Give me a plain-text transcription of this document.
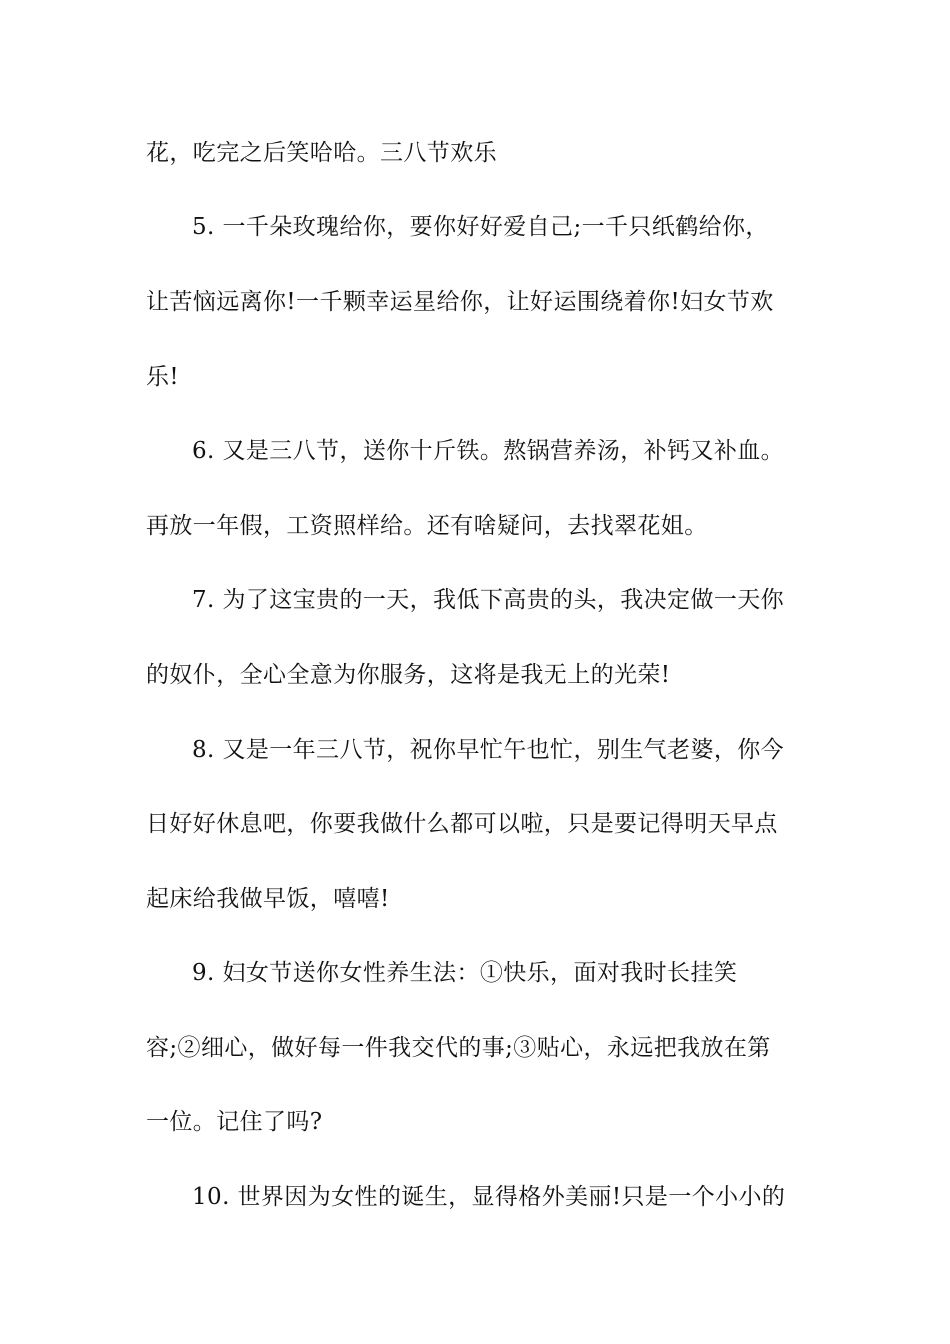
花，吃完之后笑哈哈。三八节欢乐
5. 一千朵玫瑰给你，要你好好爱自己;一千只纸鹤给你，
让苦恼远离你!一千颗幸运星给你，让好运围绕着你!妇女节欢
乐!
6. 又是三八节，送你十斤铁。熬锅营养汤，补钙又补血。
再放一年假，工资照样给。还有啥疑问，去找翠花姐。
7. 为了这宝贵的一天，我低下高贵的头，我决定做一天你
的奴仆，全心全意为你服务，这将是我无上的光荣!
8. 又是一年三八节，祝你早忙午也忙，别生气老婆，你今
日好好休息吧，你要我做什么都可以啦，只是要记得明天早点
起床给我做早饭，嘻嘻!
9. 妇女节送你女性养生法：①快乐，面对我时长挂笑
容;②细心，做好每一件我交代的事;③贴心，永远把我放在第
一位。记住了吗?
10. 世界因为女性的诞生，显得格外美丽!只是一个小小的
